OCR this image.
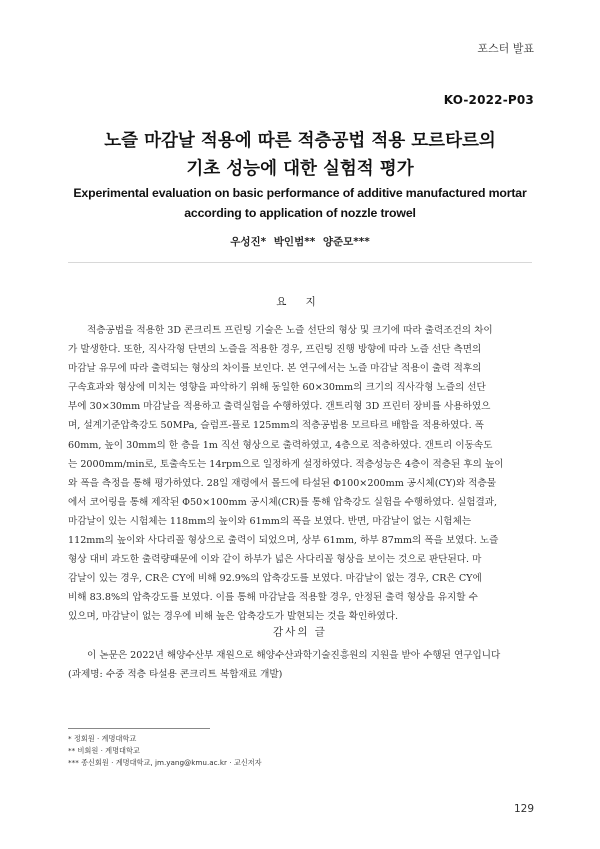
포스터 발표
KO-2022-P03
노즐 마감날 적용에 따른 적층공법 적용 모르타르의
기초 성능에 대한 실험적 평가
Experimental evaluation on basic performance of additive manufactured mortar
according to application of nozzle trowel
우성진* 박인범** 양준모***
요 지
적층공법을 적용한 3D 콘크리트 프린팅 기술은 노즐 선단의 형상 및 크기에 따라 출력조건의 차이
가 발생한다. 또한, 직사각형 단면의 노즐을 적용한 경우, 프린팅 진행 방향에 따라 노즐 선단 측면의
마감날 유무에 따라 출력되는 형상의 차이를 보인다. 본 연구에서는 노즐 마감날 적용이 출력 적후의
구속효과와 형상에 미치는 영향을 파악하기 위해 동일한 60×30mm의 크기의 직사각형 노즐의 선단
부에 30×30mm 마감날을 적용하고 출력실험을 수행하였다. 갠트리형 3D 프린터 장비를 사용하였으
며, 설계기준압축강도 50MPa, 슬럼프-플로 125mm의 적층공법용 모르타르 배합을 적용하였다. 폭
60mm, 높이 30mm의 한 층을 1m 직선 형상으로 출력하였고, 4층으로 적층하였다. 갠트리 이동속도
는 2000mm/min로, 토출속도는 14rpm으로 일정하게 설정하였다. 적층성능은 4층이 적층된 후의 높이
와 폭을 측정을 통해 평가하였다. 28일 재령에서 몰드에 타설된 Φ100×200mm 공시체(CY)와 적층물
에서 코어링을 통해 제작된 Φ50×100mm 공시체(CR)를 통해 압축강도 실험을 수행하였다. 실험결과,
마감날이 있는 시험체는 118mm의 높이와 61mm의 폭을 보였다. 반면, 마감날이 없는 시험체는
112mm의 높이와 사다리꼴 형상으로 출력이 되었으며, 상부 61mm, 하부 87mm의 폭을 보였다. 노즐
형상 대비 과도한 출력량때문에 이와 같이 하부가 넓은 사다리꼴 형상을 보이는 것으로 판단된다. 마
감날이 있는 경우, CR은 CY에 비해 92.9%의 압축강도를 보였다. 마감날이 없는 경우, CR은 CY에
비해 83.8%의 압축강도를 보였다. 이를 통해 마감날을 적용할 경우, 안정된 출력 형상을 유지할 수
있으며, 마감날이 없는 경우에 비해 높은 압축강도가 발현되는 것을 확인하였다.
감사의 글
이 논문은 2022년 해양수산부 재원으로 해양수산과학기술진흥원의 지원을 받아 수행된 연구입니다
(과제명: 수중 적층 타설용 콘크리트 복합재료 개발)
* 정회원 · 계명대학교
** 비회원 · 계명대학교
*** 종신회원 · 계명대학교, jm.yang@kmu.ac.kr · 교신저자
129
